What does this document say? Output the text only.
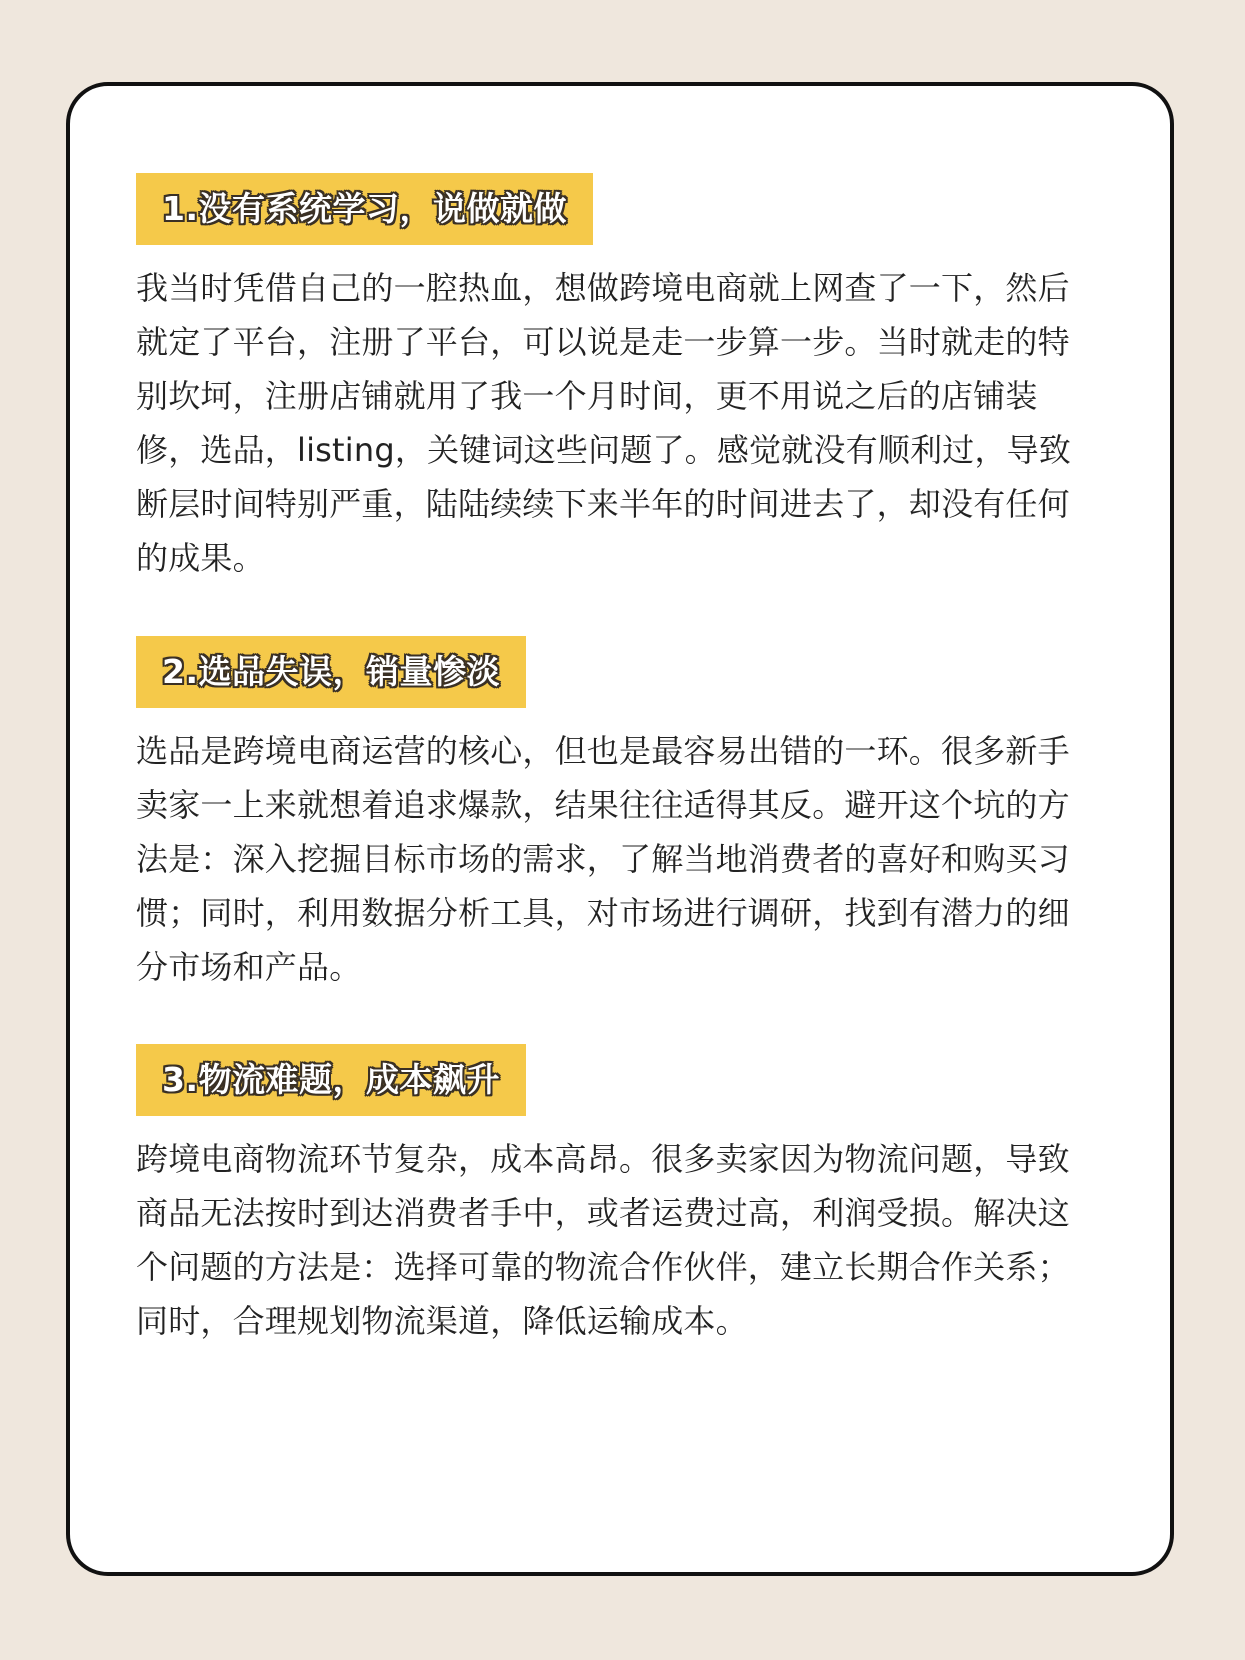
1.没有系统学习，说做就做

我当时凭借自己的一腔热血，想做跨境电商就上网查了一下，然后就定了平台，注册了平台，可以说是走一步算一步。当时就走的特别坎坷，注册店铺就用了我一个月时间，更不用说之后的店铺装修，选品，listing，关键词这些问题了。感觉就没有顺利过，导致断层时间特别严重，陆陆续续下来半年的时间进去了，却没有任何的成果。

2.选品失误，销量惨淡

选品是跨境电商运营的核心，但也是最容易出错的一环。很多新手卖家一上来就想着追求爆款，结果往往适得其反。避开这个坑的方法是：深入挖掘目标市场的需求，了解当地消费者的喜好和购买习惯；同时，利用数据分析工具，对市场进行调研，找到有潜力的细分市场和产品。

3.物流难题，成本飙升

跨境电商物流环节复杂，成本高昂。很多卖家因为物流问题，导致商品无法按时到达消费者手中，或者运费过高，利润受损。解决这个问题的方法是：选择可靠的物流合作伙伴，建立长期合作关系；同时，合理规划物流渠道，降低运输成本。
